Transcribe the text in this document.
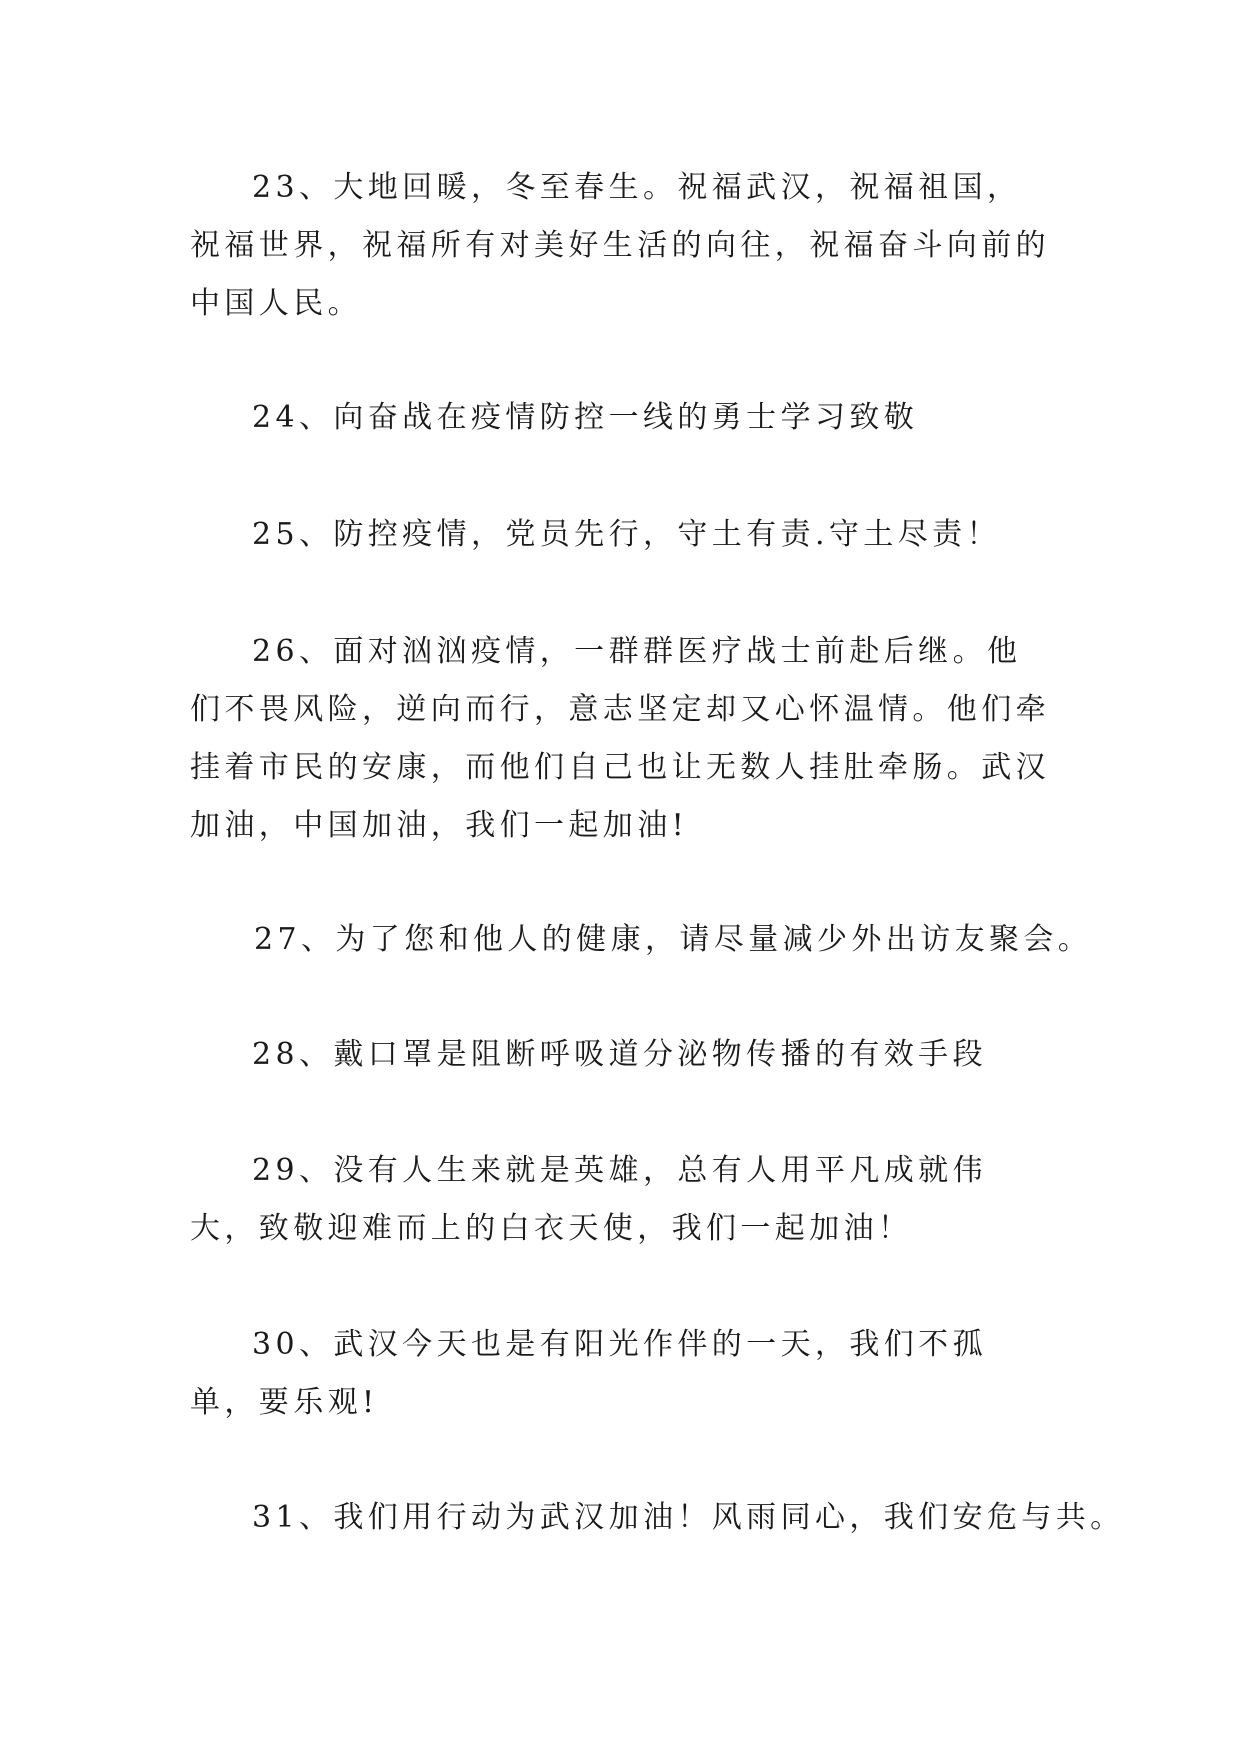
23、大地回暖，冬至春生。祝福武汉，祝福祖国，祝福世界，祝福所有对美好生活的向往，祝福奋斗向前的中国人民。

24、向奋战在疫情防控一线的勇士学习致敬

25、防控疫情，党员先行，守土有责.守土尽责！

26、面对汹汹疫情，一群群医疗战士前赴后继。他们不畏风险，逆向而行，意志坚定却又心怀温情。他们牵挂着市民的安康，而他们自己也让无数人挂肚牵肠。武汉加油，中国加油，我们一起加油!

27、为了您和他人的健康，请尽量减少外出访友聚会。

28、戴口罩是阻断呼吸道分泌物传播的有效手段

29、没有人生来就是英雄，总有人用平凡成就伟大，致敬迎难而上的白衣天使，我们一起加油！

30、武汉今天也是有阳光作伴的一天，我们不孤单，要乐观!

31、我们用行动为武汉加油！风雨同心，我们安危与共。
